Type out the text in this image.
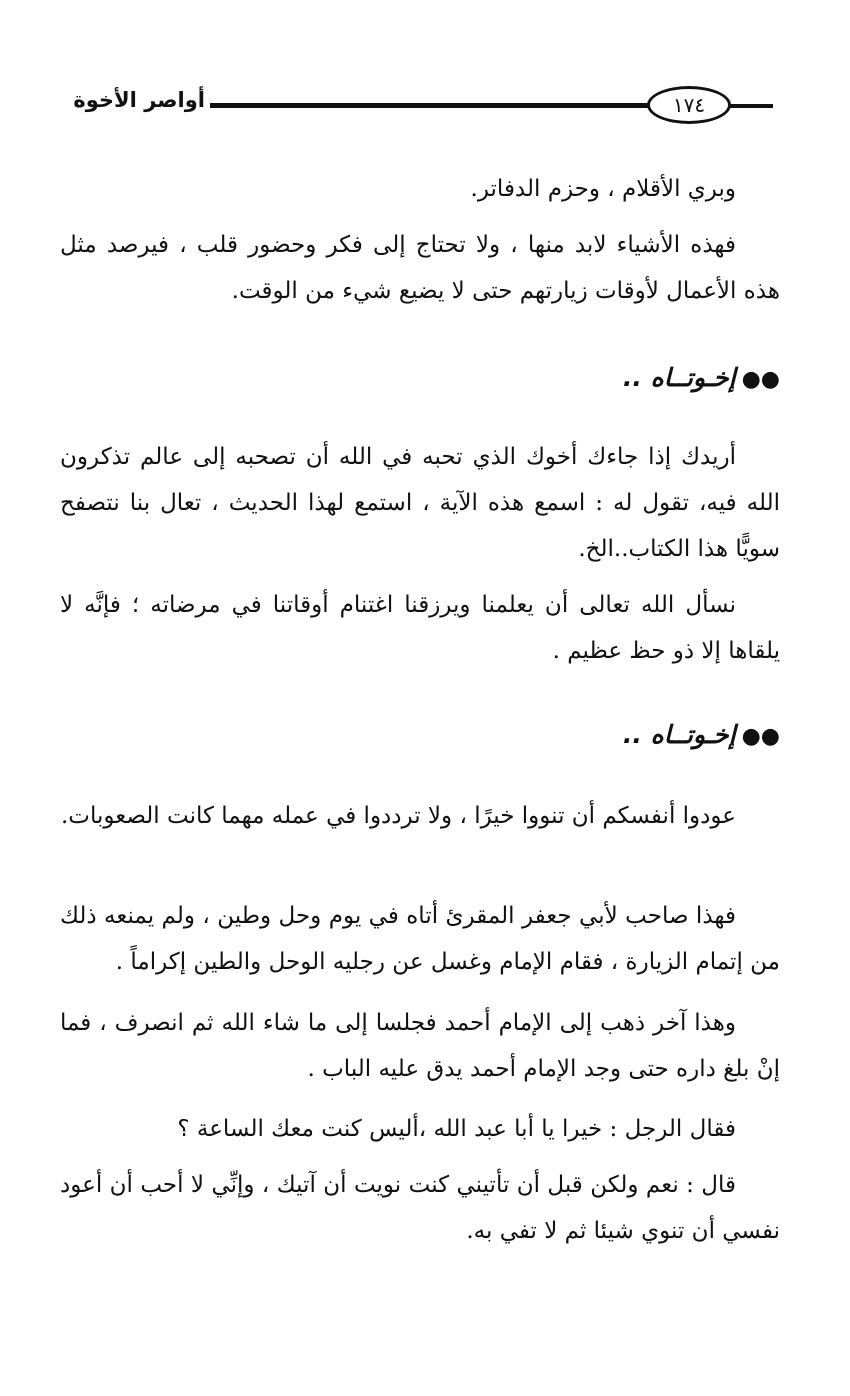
١٧٤
أواصر الأخوة

وبري الأقلام ، وحزم الدفاتر.

فهذه الأشياء لابد منها ، ولا تحتاج إلى فكر وحضور قلب ، فيرصد مثل هذه الأعمال لأوقات زيارتهم حتى لا يضيع شيء من الوقت.

●●إخـوتــاه ..

أريدك إذا جاءك أخوك الذي تحبه في الله أن تصحبه إلى عالم تذكرون الله فيه، تقول له : اسمع هذه الآية ، استمع لهذا الحديث ، تعال بنا نتصفح سويًّا هذا الكتاب..الخ.

نسأل الله تعالى أن يعلمنا ويرزقنا اغتنام أوقاتنا في مرضاته ؛ فإنَّه لا يلقاها إلا ذو حظ عظيم .

●●إخـوتــاه ..

عودوا أنفسكم أن تنووا خيرًا ، ولا ترددوا في عمله مهما كانت الصعوبات.

فهذا صاحب لأبي جعفر المقرئ أتاه في يوم وحل وطين ، ولم يمنعه ذلك من إتمام الزيارة ، فقام الإمام وغسل عن رجليه الوحل والطين إكراماً .

وهذا آخر ذهب إلى الإمام أحمد فجلسا إلى ما شاء الله ثم انصرف ، فما إنْ بلغ داره حتى وجد الإمام أحمد يدق عليه الباب .

فقال الرجل : خيرا يا أبا عبد الله ،أليس كنت معك الساعة ؟

قال : نعم ولكن قبل أن تأتيني كنت نويت أن آتيك ، وإنِّي لا أحب أن أعود نفسي أن تنوي شيئا ثم لا تفي به.
